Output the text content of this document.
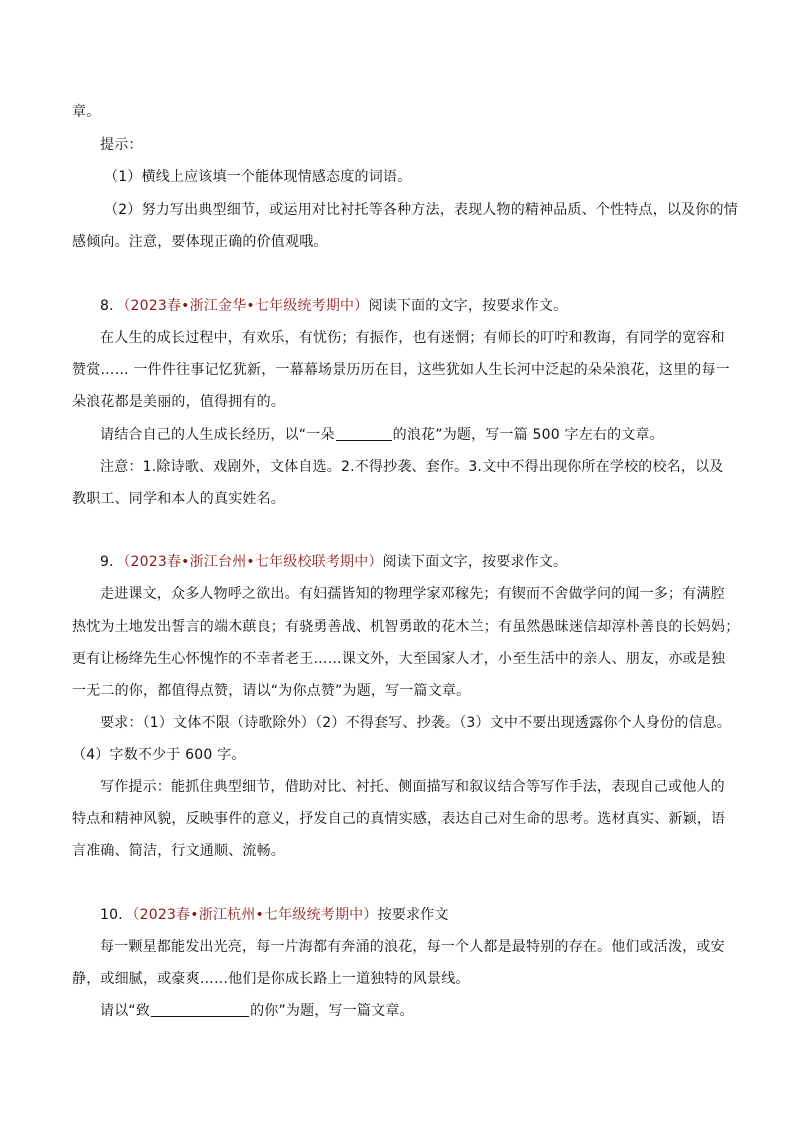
章。
提示：
（1）横线上应该填一个能体现情感态度的词语。
（2）努力写出典型细节，或运用对比衬托等各种方法，表现人物的精神品质、个性特点，以及你的情
感倾向。注意，要体现正确的价值观哦。
8．（2023春•浙江金华•七年级统考期中）阅读下面的文字，按要求作文。
在人生的成长过程中，有欢乐，有忧伤；有振作，也有迷惘；有师长的叮咛和教诲，有同学的宽容和
赞赏…… 一件件往事记忆犹新，一幕幕场景历历在目，这些犹如人生长河中泛起的朵朵浪花，这里的每一
朵浪花都是美丽的，值得拥有的。
请结合自己的人生成长经历，以“一朵	的浪花”为题，写一篇 500 字左右的文章。
注意：1.除诗歌、戏剧外，文体自选。2.不得抄袭、套作。3.文中不得出现你所在学校的校名，以及
教职工、同学和本人的真实姓名。
9．（2023春•浙江台州•七年级校联考期中）阅读下面文字，按要求作文。
走进课文，众多人物呼之欲出。有妇孺皆知的物理学家邓稼先；有锲而不舍做学问的闻一多；有满腔
热忱为土地发出誓言的端木蕻良；有骁勇善战、机智勇敢的花木兰；有虽然愚昧迷信却淳朴善良的长妈妈；
更有让杨绛先生心怀愧怍的不幸者老王……课文外，大至国家人才，小至生活中的亲人、朋友，亦或是独
一无二的你，都值得点赞，请以“为你点赞”为题，写一篇文章。
要求：（1）文体不限（诗歌除外）（2）不得套写、抄袭。（3）文中不要出现透露你个人身份的信息。
（4）字数不少于 600 字。
写作提示：能抓住典型细节，借助对比、衬托、侧面描写和叙议结合等写作手法，表现自己或他人的
特点和精神风貌，反映事件的意义，抒发自己的真情实感，表达自己对生命的思考。选材真实、新颖，语
言准确、简洁，行文通顺、流畅。
10．（2023春•浙江杭州•七年级统考期中）按要求作文
每一颗星都能发出光亮，每一片海都有奔涌的浪花，每一个人都是最特别的存在。他们或活泼，或安
静，或细腻，或豪爽……他们是你成长路上一道独特的风景线。
请以“致	的你”为题，写一篇文章。
